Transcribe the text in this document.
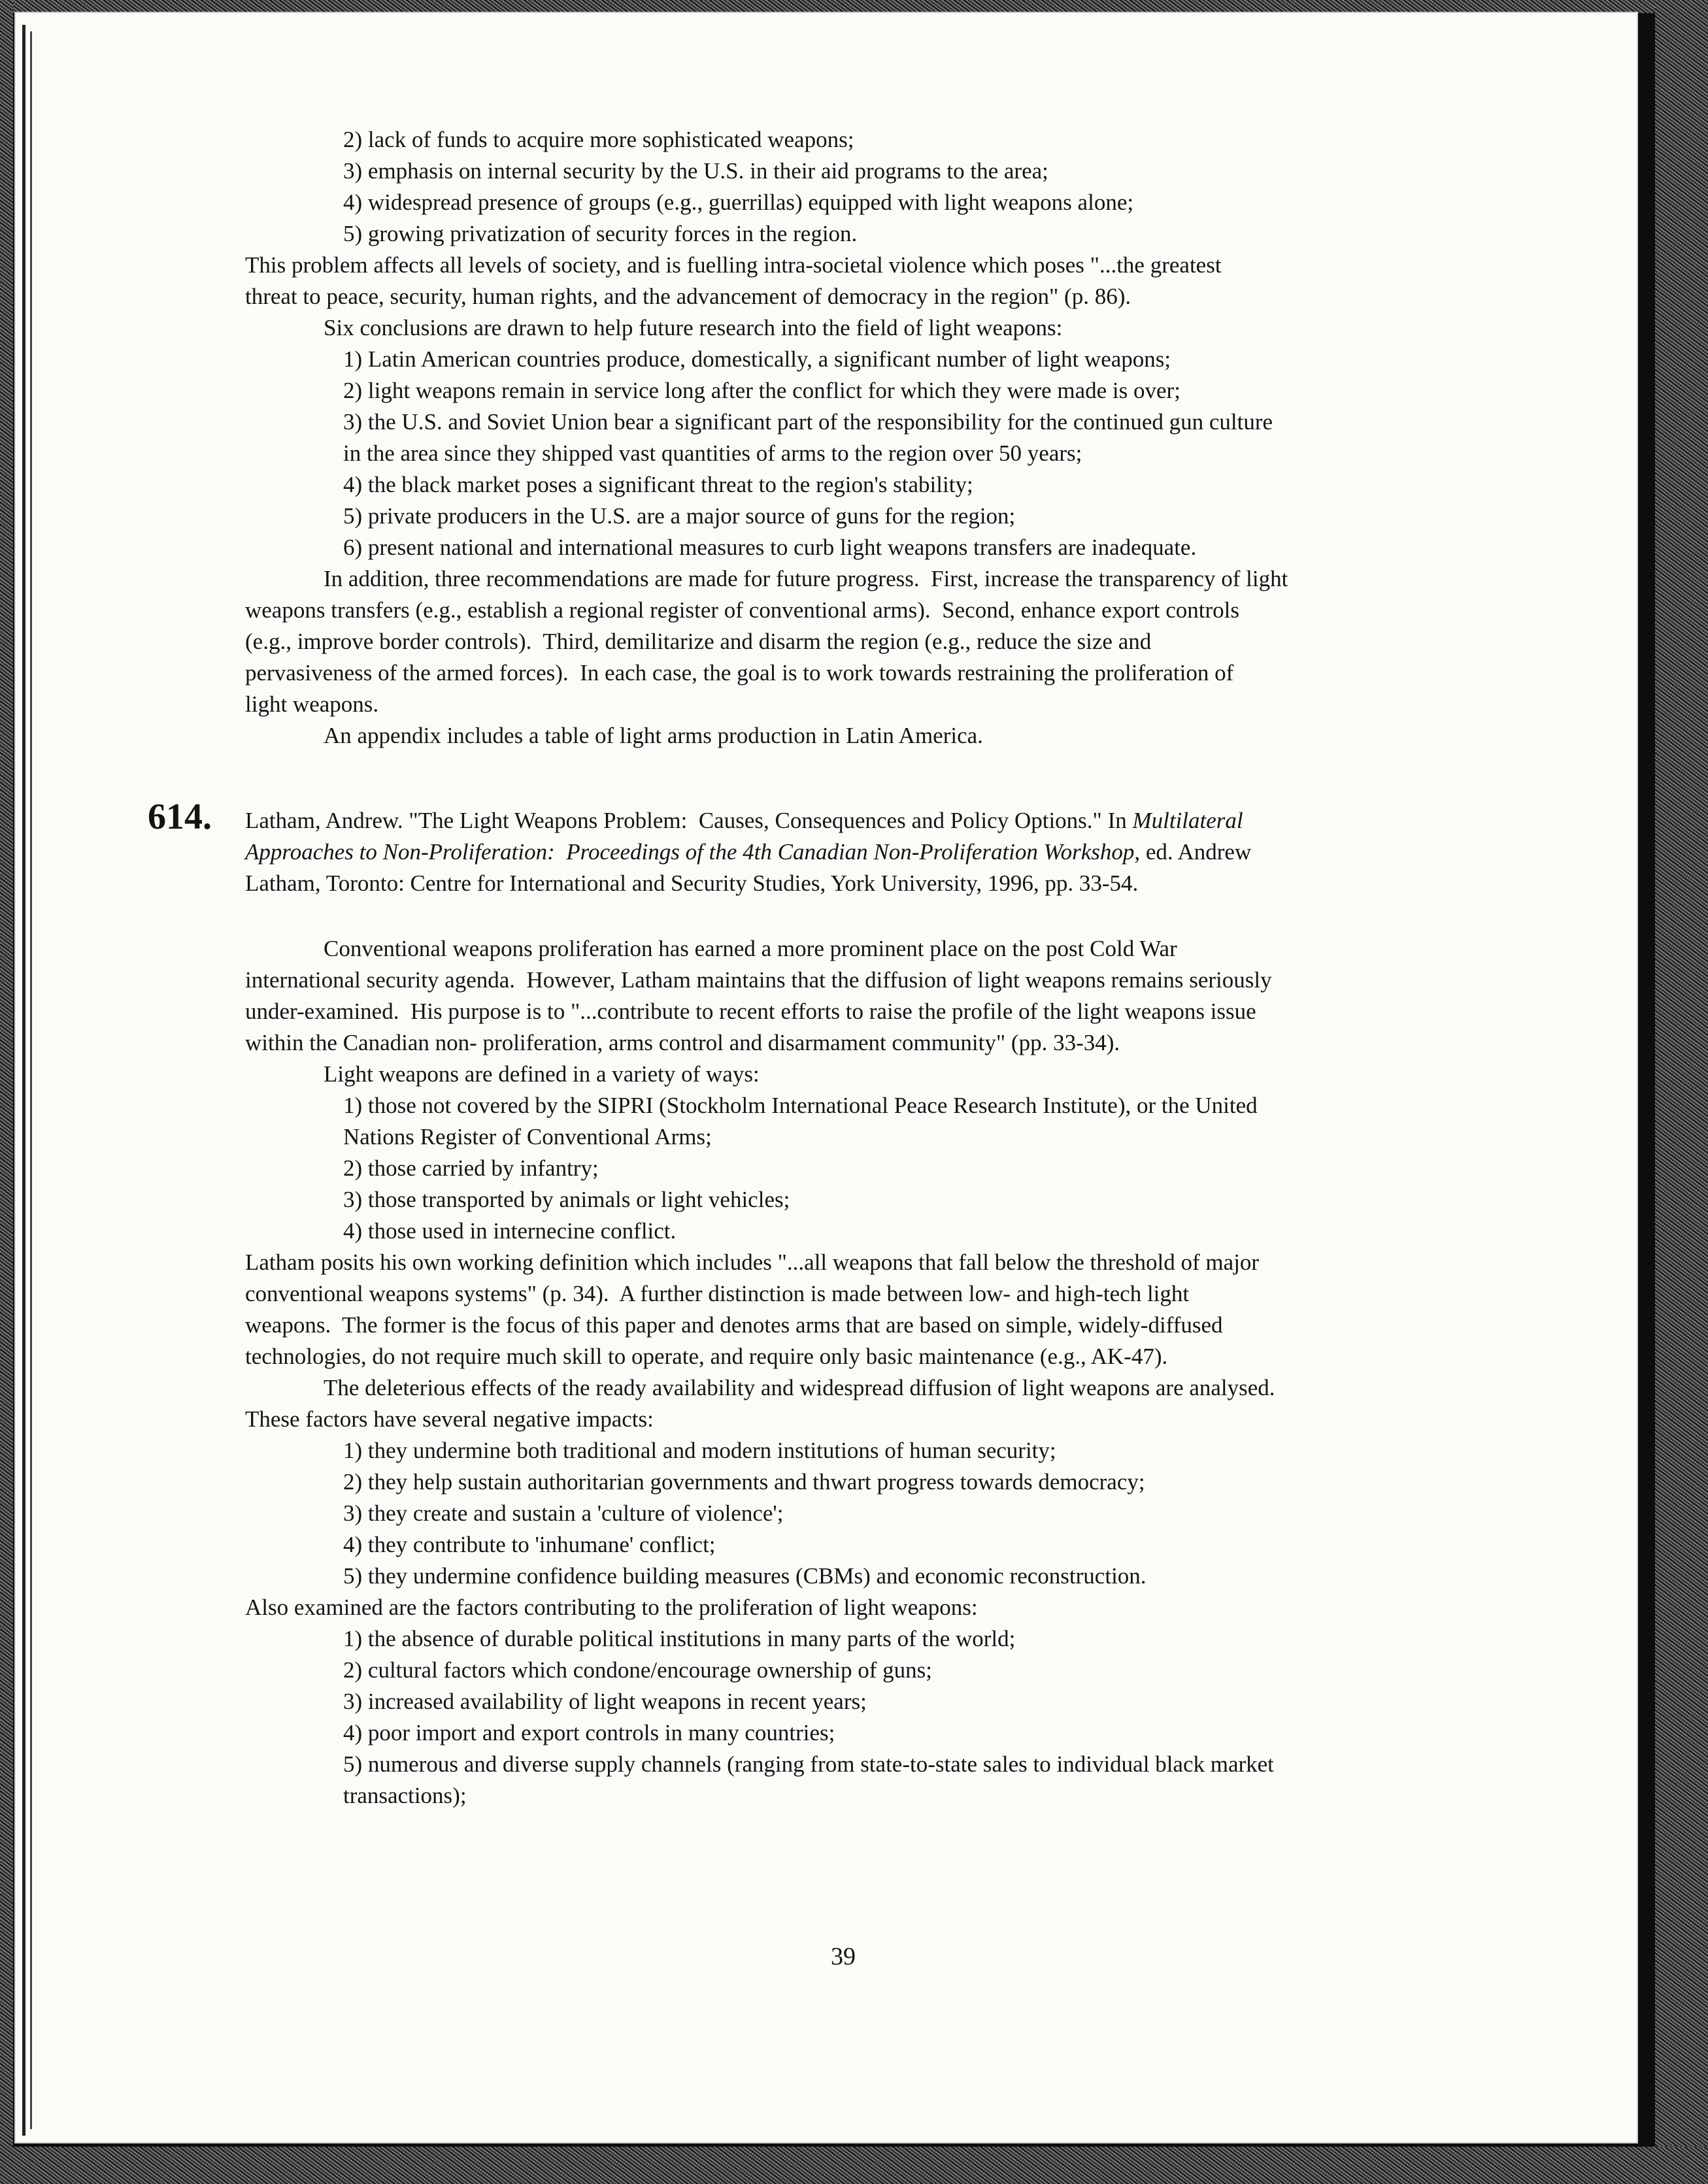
2) lack of funds to acquire more sophisticated weapons;
3) emphasis on internal security by the U.S. in their aid programs to the area;
4) widespread presence of groups (e.g., guerrillas) equipped with light weapons alone;
5) growing privatization of security forces in the region.
This problem affects all levels of society, and is fuelling intra-societal violence which poses "...the greatest
threat to peace, security, human rights, and the advancement of democracy in the region" (p. 86).
Six conclusions are drawn to help future research into the field of light weapons:
1) Latin American countries produce, domestically, a significant number of light weapons;
2) light weapons remain in service long after the conflict for which they were made is over;
3) the U.S. and Soviet Union bear a significant part of the responsibility for the continued gun culture
in the area since they shipped vast quantities of arms to the region over 50 years;
4) the black market poses a significant threat to the region's stability;
5) private producers in the U.S. are a major source of guns for the region;
6) present national and international measures to curb light weapons transfers are inadequate.
In addition, three recommendations are made for future progress.  First, increase the transparency of light
weapons transfers (e.g., establish a regional register of conventional arms).  Second, enhance export controls
(e.g., improve border controls).  Third, demilitarize and disarm the region (e.g., reduce the size and
pervasiveness of the armed forces).  In each case, the goal is to work towards restraining the proliferation of
light weapons.
An appendix includes a table of light arms production in Latin America.
614. Latham, Andrew. "The Light Weapons Problem:  Causes, Consequences and Policy Options." In Multilateral
Approaches to Non-Proliferation:  Proceedings of the 4th Canadian Non-Proliferation Workshop, ed. Andrew
Latham, Toronto: Centre for International and Security Studies, York University, 1996, pp. 33-54.
Conventional weapons proliferation has earned a more prominent place on the post Cold War
international security agenda.  However, Latham maintains that the diffusion of light weapons remains seriously
under-examined.  His purpose is to "...contribute to recent efforts to raise the profile of the light weapons issue
within the Canadian non- proliferation, arms control and disarmament community" (pp. 33-34).
Light weapons are defined in a variety of ways:
1) those not covered by the SIPRI (Stockholm International Peace Research Institute), or the United
Nations Register of Conventional Arms;
2) those carried by infantry;
3) those transported by animals or light vehicles;
4) those used in internecine conflict.
Latham posits his own working definition which includes "...all weapons that fall below the threshold of major
conventional weapons systems" (p. 34).  A further distinction is made between low- and high-tech light
weapons.  The former is the focus of this paper and denotes arms that are based on simple, widely-diffused
technologies, do not require much skill to operate, and require only basic maintenance (e.g., AK-47).
The deleterious effects of the ready availability and widespread diffusion of light weapons are analysed.
These factors have several negative impacts:
1) they undermine both traditional and modern institutions of human security;
2) they help sustain authoritarian governments and thwart progress towards democracy;
3) they create and sustain a 'culture of violence';
4) they contribute to 'inhumane' conflict;
5) they undermine confidence building measures (CBMs) and economic reconstruction.
Also examined are the factors contributing to the proliferation of light weapons:
1) the absence of durable political institutions in many parts of the world;
2) cultural factors which condone/encourage ownership of guns;
3) increased availability of light weapons in recent years;
4) poor import and export controls in many countries;
5) numerous and diverse supply channels (ranging from state-to-state sales to individual black market
transactions);
39
